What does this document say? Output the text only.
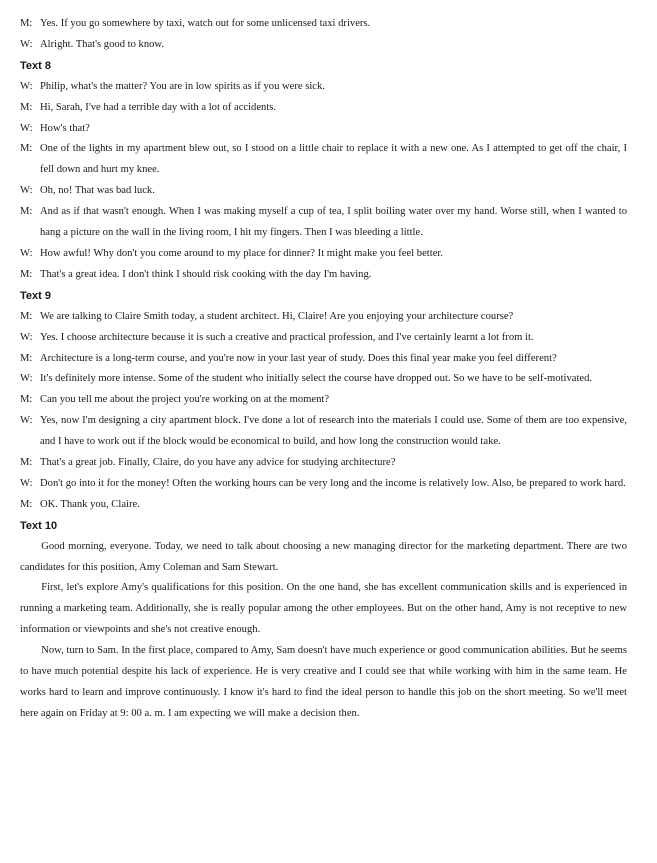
M: Yes. If you go somewhere by taxi, watch out for some unlicensed taxi drivers.
W: Alright. That's good to know.
Text 8
W: Philip, what's the matter? You are in low spirits as if you were sick.
M: Hi, Sarah, I've had a terrible day with a lot of accidents.
W: How's that?
M: One of the lights in my apartment blew out, so I stood on a little chair to replace it with a new one. As I attempted to get off the chair, I fell down and hurt my knee.
W: Oh, no! That was bad luck.
M: And as if that wasn't enough. When I was making myself a cup of tea, I split boiling water over my hand. Worse still, when I wanted to hang a picture on the wall in the living room, I hit my fingers. Then I was bleeding a little.
W: How awful! Why don't you come around to my place for dinner? It might make you feel better.
M: That's a great idea. I don't think I should risk cooking with the day I'm having.
Text 9
M: We are talking to Claire Smith today, a student architect. Hi, Claire! Are you enjoying your architecture course?
W: Yes. I choose architecture because it is such a creative and practical profession, and I've certainly learnt a lot from it.
M: Architecture is a long-term course, and you're now in your last year of study. Does this final year make you feel different?
W: It's definitely more intense. Some of the student who initially select the course have dropped out. So we have to be self-motivated.
M: Can you tell me about the project you're working on at the moment?
W: Yes, now I'm designing a city apartment block. I've done a lot of research into the materials I could use. Some of them are too expensive, and I have to work out if the block would be economical to build, and how long the construction would take.
M: That's a great job. Finally, Claire, do you have any advice for studying architecture?
W: Don't go into it for the money! Often the working hours can be very long and the income is relatively low. Also, be prepared to work hard.
M: OK. Thank you, Claire.
Text 10

Good morning, everyone. Today, we need to talk about choosing a new managing director for the marketing department. There are two candidates for this position, Amy Coleman and Sam Stewart.

First, let's explore Amy's qualifications for this position. On the one hand, she has excellent communication skills and is experienced in running a marketing team. Additionally, she is really popular among the other employees. But on the other hand, Amy is not receptive to new information or viewpoints and she's not creative enough.

Now, turn to Sam. In the first place, compared to Amy, Sam doesn't have much experience or good communication abilities. But he seems to have much potential despite his lack of experience. He is very creative and I could see that while working with him in the same team. He works hard to learn and improve continuously. I know it's hard to find the ideal person to handle this job on the short meeting. So we'll meet here again on Friday at 9: 00 a. m. I am expecting we will make a decision then.
